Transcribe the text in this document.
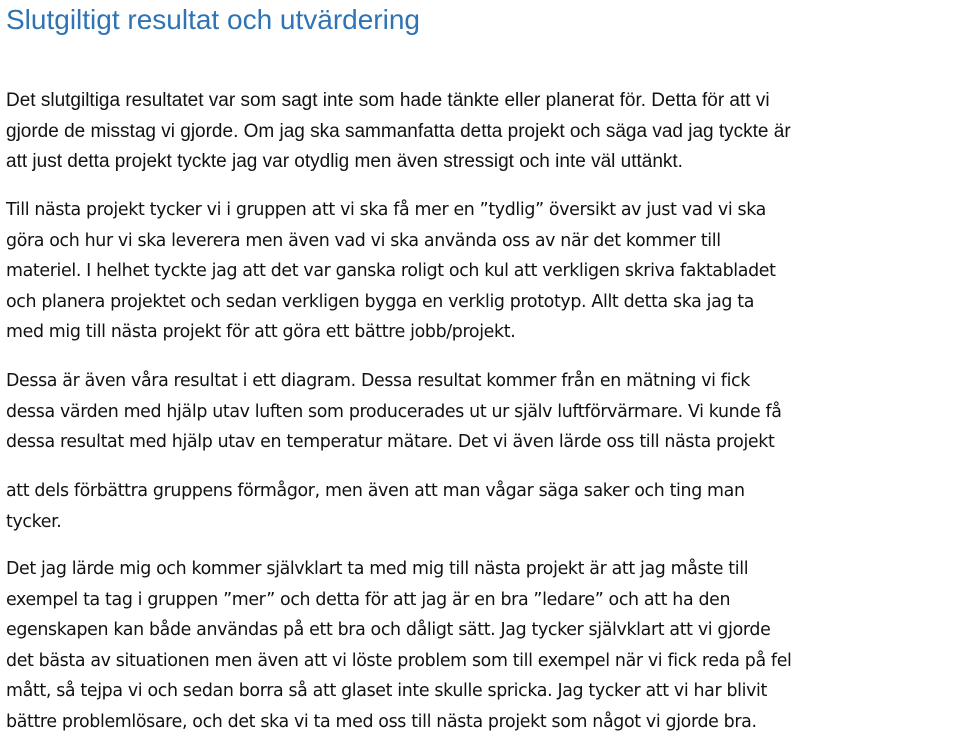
Slutgiltigt resultat och utvärdering

Det slutgiltiga resultatet var som sagt inte som hade tänkte eller planerat för. Detta för att vi
gjorde de misstag vi gjorde. Om jag ska sammanfatta detta projekt och säga vad jag tyckte är
att just detta projekt tyckte jag var otydlig men även stressigt och inte väl uttänkt.

Till nästa projekt tycker vi i gruppen att vi ska få mer en ”tydlig” översikt av just vad vi ska
göra och hur vi ska leverera men även vad vi ska använda oss av när det kommer till
materiel. I helhet tyckte jag att det var ganska roligt och kul att verkligen skriva faktabladet
och planera projektet och sedan verkligen bygga en verklig prototyp. Allt detta ska jag ta
med mig till nästa projekt för att göra ett bättre jobb/projekt.

Dessa är även våra resultat i ett diagram. Dessa resultat kommer från en mätning vi fick
dessa värden med hjälp utav luften som producerades ut ur själv luftförvärmare. Vi kunde få
dessa resultat med hjälp utav en temperatur mätare. Det vi även lärde oss till nästa projekt

att dels förbättra gruppens förmågor, men även att man vågar säga saker och ting man
tycker.

Det jag lärde mig och kommer självklart ta med mig till nästa projekt är att jag måste till
exempel ta tag i gruppen ”mer” och detta för att jag är en bra ”ledare” och att ha den
egenskapen kan både användas på ett bra och dåligt sätt. Jag tycker självklart att vi gjorde
det bästa av situationen men även att vi löste problem som till exempel när vi fick reda på fel
mått, så tejpa vi och sedan borra så att glaset inte skulle spricka. Jag tycker att vi har blivit
bättre problemlösare, och det ska vi ta med oss till nästa projekt som något vi gjorde bra.
